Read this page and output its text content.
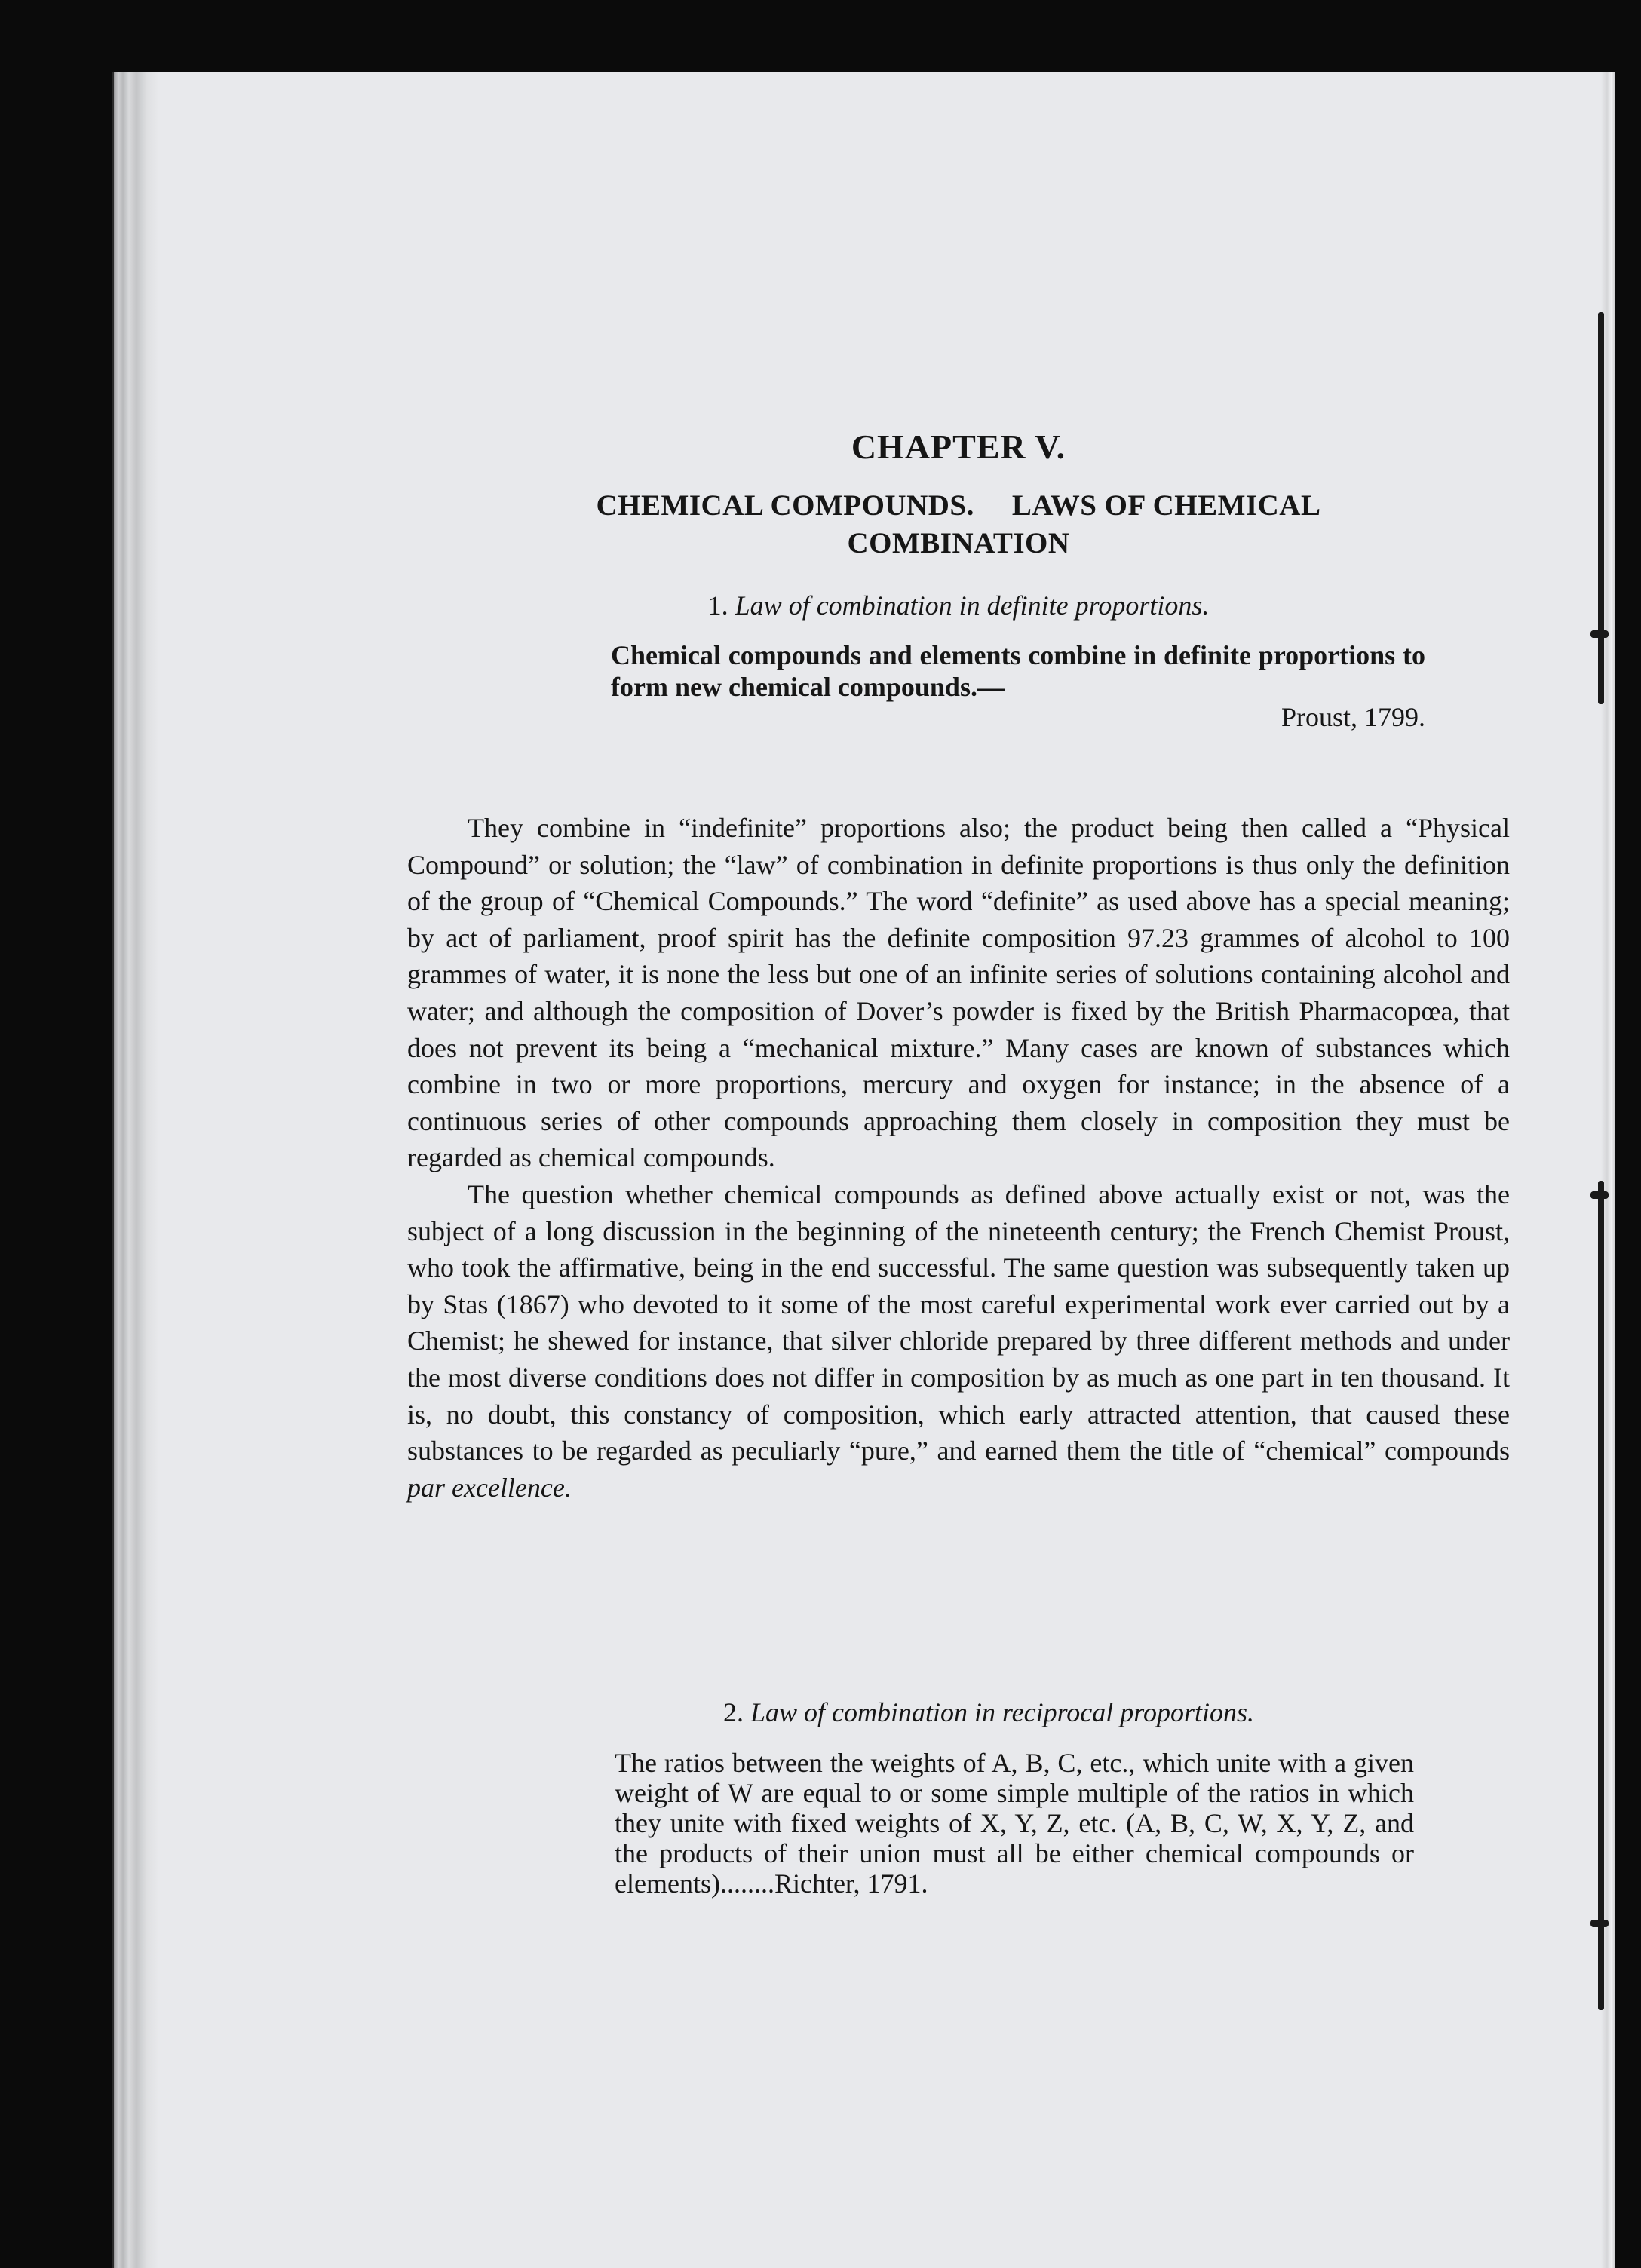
CHAPTER V.
CHEMICAL COMPOUNDS. LAWS OF CHEMICAL
COMBINATION
1. Law of combination in definite proportions.
Chemical compounds and elements combine in definite proportions to form new chemical compounds.—
Proust, 1799.

They combine in “indefinite” proportions also; the product being then called a “Physical Compound” or solution; the “law” of combination in definite proportions is thus only the definition of the group of “Chemical Compounds.” The word “definite” as used above has a special meaning; by act of parliament, proof spirit has the definite composition 97.23 grammes of alcohol to 100 grammes of water, it is none the less but one of an infinite series of solutions containing alcohol and water; and although the composition of Dover’s powder is fixed by the British Pharmacopœa, that does not prevent its being a “mechanical mixture.” Many cases are known of substances which combine in two or more proportions, mercury and oxygen for instance; in the absence of a continuous series of other compounds approaching them closely in composition they must be regarded as chemical compounds.

The question whether chemical compounds as defined above actually exist or not, was the subject of a long discussion in the beginning of the nineteenth century; the French Chemist Proust, who took the affirmative, being in the end successful. The same question was subsequently taken up by Stas (1867) who devoted to it some of the most careful experimental work ever carried out by a Chemist; he shewed for instance, that silver chloride prepared by three different methods and under the most diverse conditions does not differ in composition by as much as one part in ten thousand. It is, no doubt, this constancy of composition, which early attracted attention, that caused these substances to be regarded as peculiarly “pure,” and earned them the title of “chemical” compounds par excellence.

2. Law of combination in reciprocal proportions.
The ratios between the weights of A, B, C, etc., which unite with a given weight of W are equal to or some simple multiple of the ratios in which they unite with fixed weights of X, Y, Z, etc. (A, B, C, W, X, Y, Z, and the products of their union must all be either chemical compounds or elements)........Richter, 1791.
